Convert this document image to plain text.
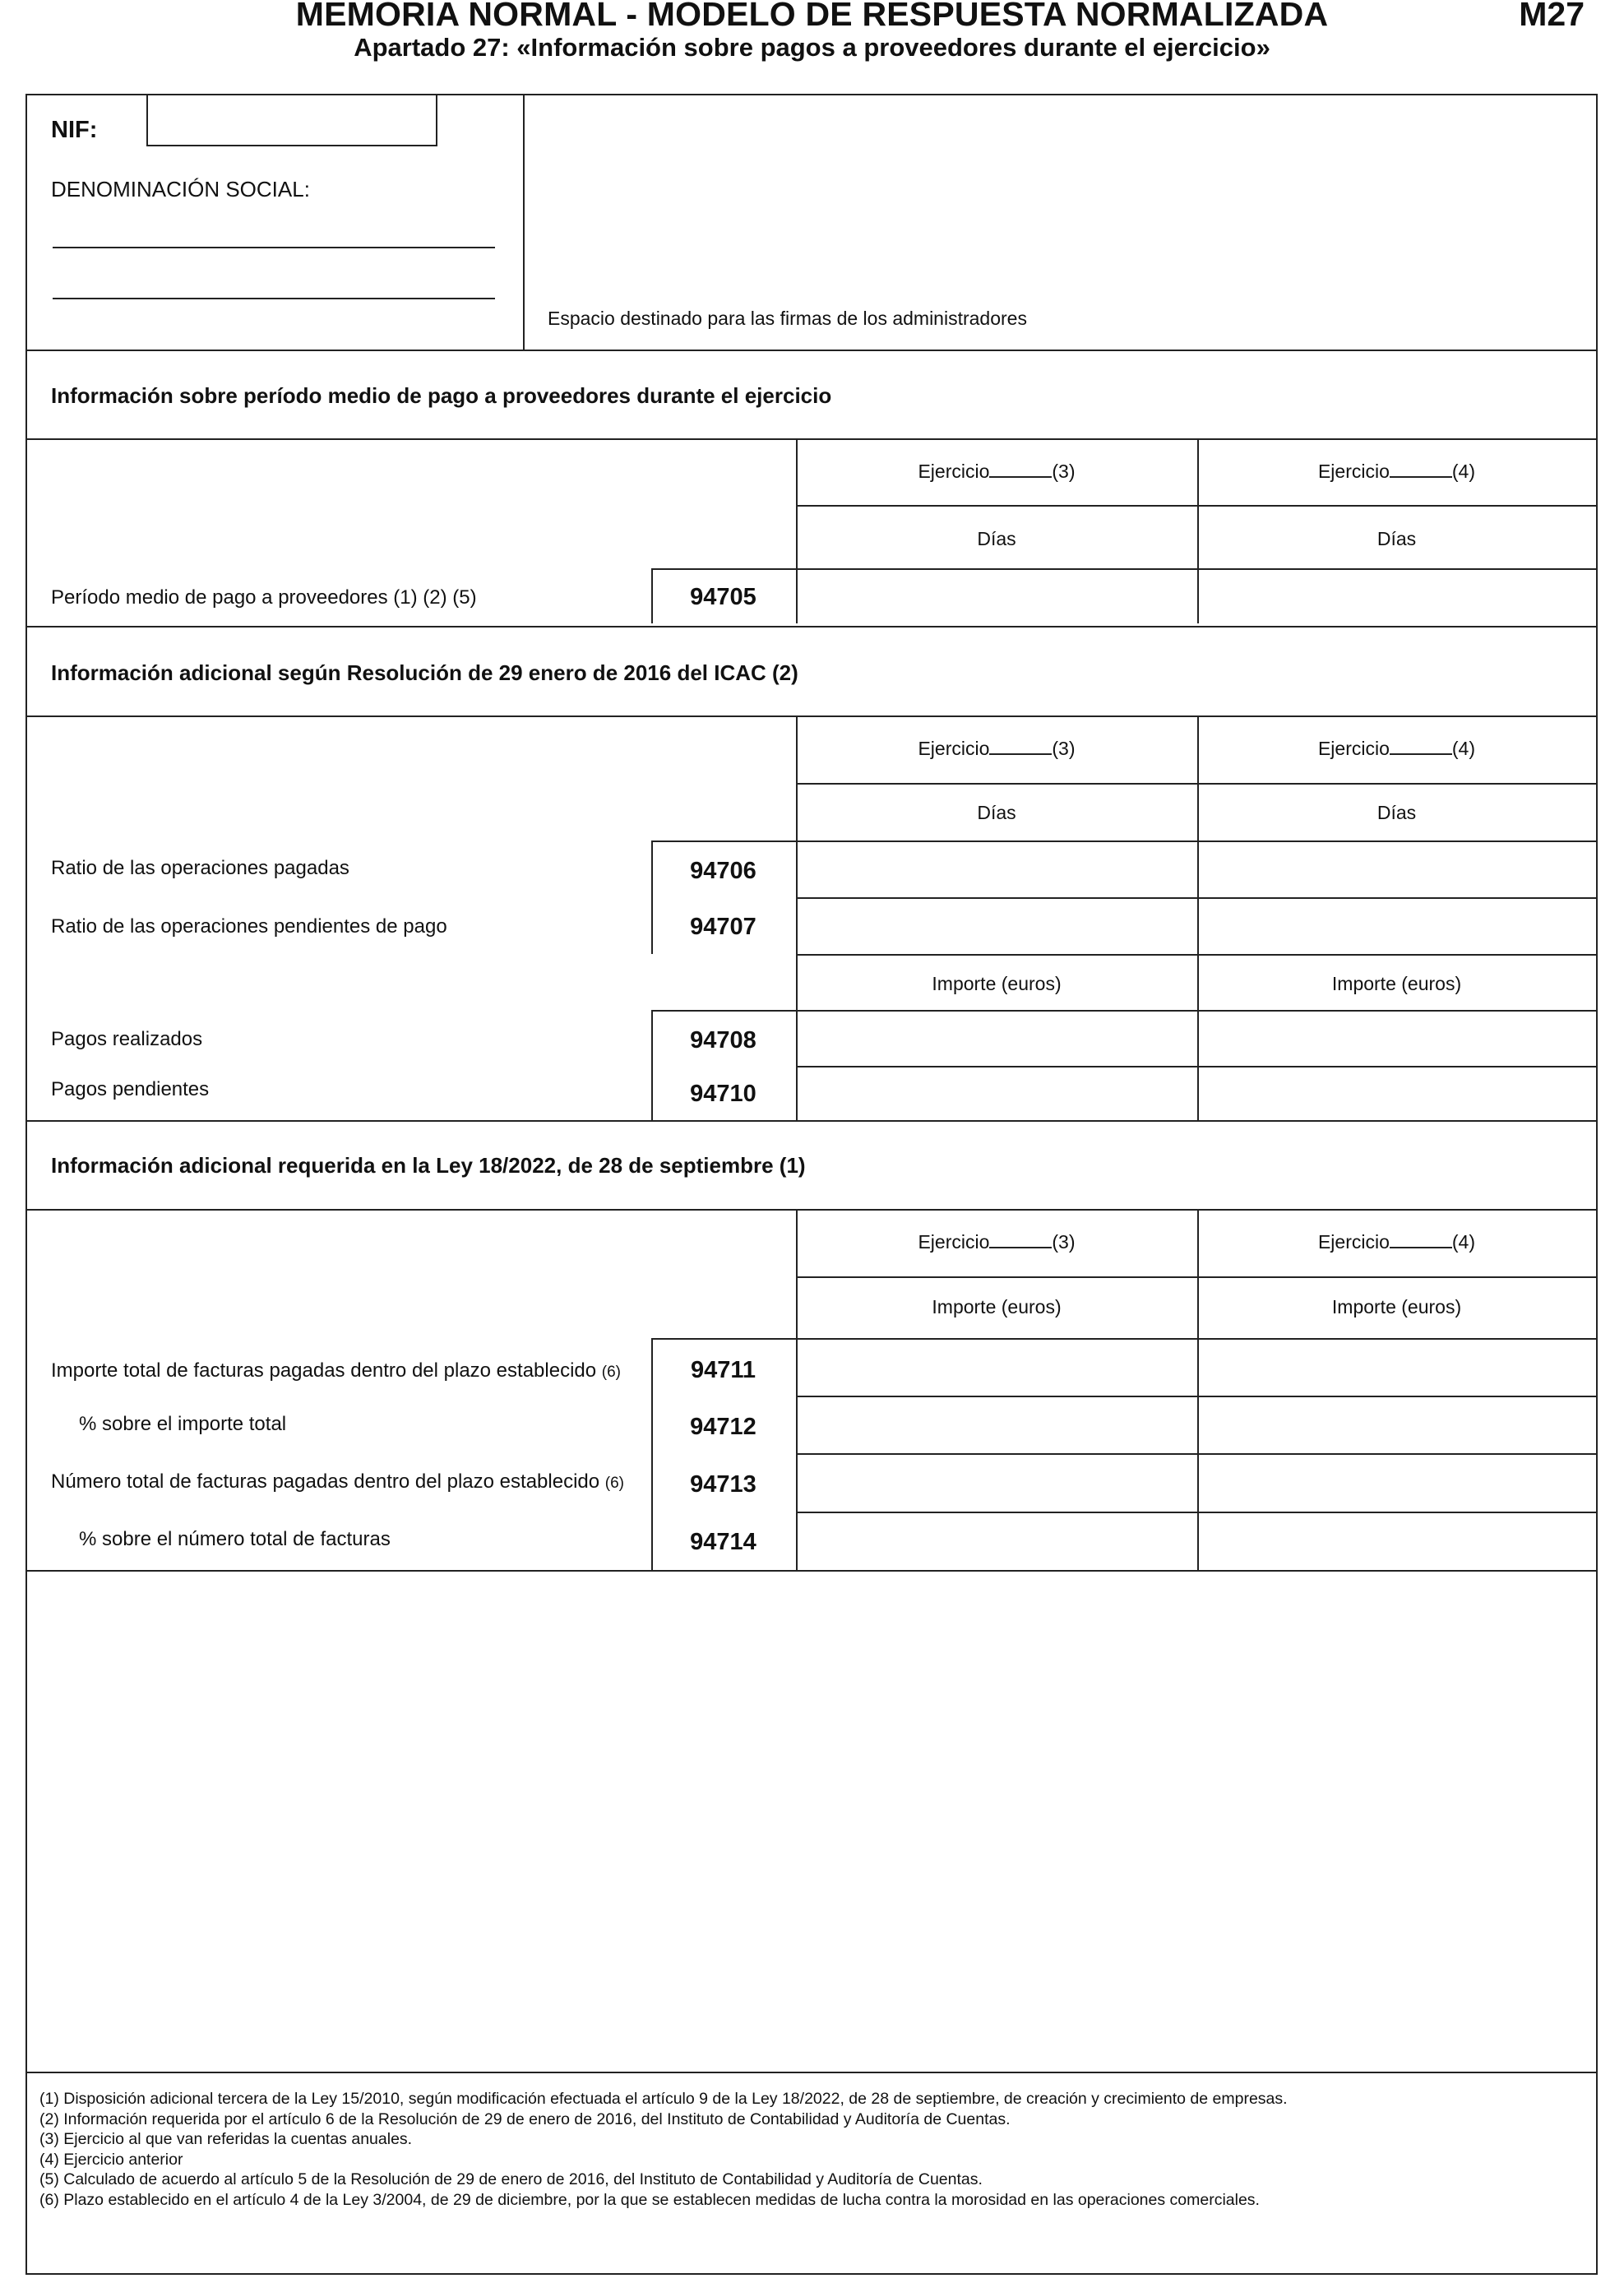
MEMORIA NORMAL - MODELO DE RESPUESTA NORMALIZADA	M27
Apartado 27: «Información sobre pagos a proveedores durante el ejercicio»
NIF:
DENOMINACIÓN SOCIAL:
Espacio destinado para las firmas de los administradores
Información sobre período medio de pago a proveedores durante el ejercicio
Ejercicio	(3)	Ejercicio	(4)
Días	Días
Período medio de pago a proveedores (1) (2) (5)	94705
Información adicional según Resolución de 29 enero de 2016 del ICAC (2)
Ejercicio	(3)	Ejercicio	(4)
Días	Días
Ratio de las operaciones pagadas	94706
Ratio de las operaciones pendientes de pago	94707
Importe (euros)	Importe (euros)
Pagos realizados	94708
Pagos pendientes	94710
Información adicional requerida en la Ley 18/2022, de 28 de septiembre (1)
Ejercicio	(3)	Ejercicio	(4)
Importe (euros)	Importe (euros)
Importe total de facturas pagadas dentro del plazo establecido (6)	94711
% sobre el importe total	94712
Número total de facturas pagadas dentro del plazo establecido (6)	94713
% sobre el número total de facturas	94714
(1) Disposición adicional tercera de la Ley 15/2010, según modificación efectuada el artículo 9 de la Ley 18/2022, de 28 de septiembre, de creación y crecimiento de empresas.
(2) Información requerida por el artículo 6 de la Resolución de 29 de enero de 2016, del Instituto de Contabilidad y Auditoría de Cuentas.
(3) Ejercicio al que van referidas la cuentas anuales.
(4) Ejercicio anterior
(5) Calculado de acuerdo al artículo 5 de la Resolución de 29 de enero de 2016, del Instituto de Contabilidad y Auditoría de Cuentas.
(6) Plazo establecido en el artículo 4 de la Ley 3/2004, de 29 de diciembre, por la que se establecen medidas de lucha contra la morosidad en las operaciones comerciales.
